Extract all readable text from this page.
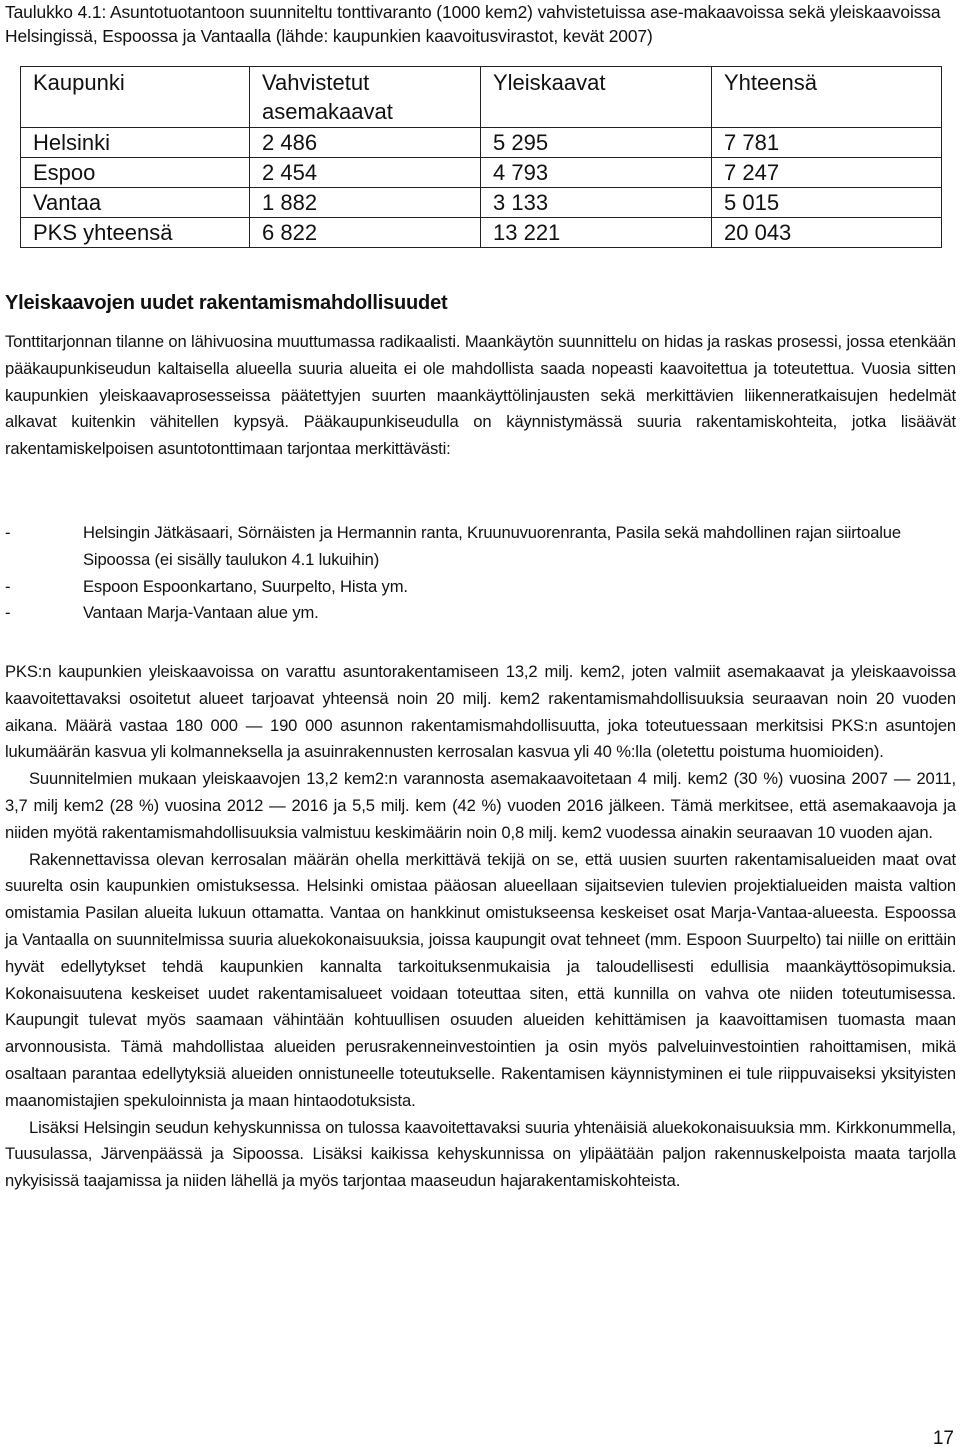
Taulukko 4.1: Asuntotuotantoon suunniteltu tonttivaranto (1000 kem2) vahvistetuissa ase-makaavoissa sekä yleiskaavoissa Helsingissä, Espoossa ja Vantaalla (lähde: kaupunkien kaavoitusvirastot, kevät 2007)
Kaupunki	Vahvistetut asemakaavat	Yleiskaavat	Yhteensä
Helsinki	2 486	5 295	7 781
Espoo	2 454	4 793	7 247
Vantaa	1 882	3 133	5 015
PKS yhteensä	6 822	13 221	20 043
Yleiskaavojen uudet rakentamismahdollisuudet
Tonttitarjonnan tilanne on lähivuosina muuttumassa radikaalisti. Maankäytön suunnittelu on hidas ja raskas prosessi, jossa etenkään pääkaupunkiseudun kaltaisella alueella suuria alueita ei ole mahdollista saada nopeasti kaavoitettua ja toteutettua. Vuosia sitten kaupunkien yleiskaavaprosesseissa päätettyjen suurten maankäyttölinjausten sekä merkittävien liikenneratkaisujen hedelmät alkavat kuitenkin vähitellen kypsyä. Pääkaupunkiseudulla on käynnistymässä suuria rakentamiskohteita, jotka lisäävät rakentamiskelpoisen asuntotonttimaan tarjontaa merkittävästi:
-	Helsingin Jätkäsaari, Sörnäisten ja Hermannin ranta, Kruunuvuorenranta, Pasila sekä mahdollinen rajan siirtoalue Sipoossa (ei sisälly taulukon 4.1 lukuihin)
-	Espoon Espoonkartano, Suurpelto, Hista ym.
-	Vantaan Marja-Vantaan alue ym.
PKS:n kaupunkien yleiskaavoissa on varattu asuntorakentamiseen 13,2 milj. kem2, joten valmiit asemakaavat ja yleiskaavoissa kaavoitettavaksi osoitetut alueet tarjoavat yhteensä noin 20 milj. kem2 rakentamismahdollisuuksia seuraavan noin 20 vuoden aikana. Määrä vastaa 180 000 — 190 000 asunnon rakentamismahdollisuutta, joka toteutuessaan merkitsisi PKS:n asuntojen lukumäärän kasvua yli kolmanneksella ja asuinrakennusten kerrosalan kasvua yli 40 %:lla (oletettu poistuma huomioiden).
Suunnitelmien mukaan yleiskaavojen 13,2 kem2:n varannosta asemakaavoitetaan 4 milj. kem2 (30 %) vuosina 2007 — 2011, 3,7 milj kem2 (28 %) vuosina 2012 — 2016 ja 5,5 milj. kem (42 %) vuoden 2016 jälkeen. Tämä merkitsee, että asemakaavoja ja niiden myötä rakentamismahdollisuuksia valmistuu keskimäärin noin 0,8 milj. kem2 vuodessa ainakin seuraavan 10 vuoden ajan.
Rakennettavissa olevan kerrosalan määrän ohella merkittävä tekijä on se, että uusien suurten rakentamisalueiden maat ovat suurelta osin kaupunkien omistuksessa. Helsinki omistaa pääosan alueellaan sijaitsevien tulevien projektialueiden maista valtion omistamia Pasilan alueita lukuun ottamatta. Vantaa on hankkinut omistukseensa keskeiset osat Marja-Vantaa-alueesta. Espoossa ja Vantaalla on suunnitelmissa suuria aluekokonaisuuksia, joissa kaupungit ovat tehneet (mm. Espoon Suurpelto) tai niille on erittäin hyvät edellytykset tehdä kaupunkien kannalta tarkoituksenmukaisia ja taloudellisesti edullisia maankäyttösopimuksia. Kokonaisuutena keskeiset uudet rakentamisalueet voidaan toteuttaa siten, että kunnilla on vahva ote niiden toteutumisessa. Kaupungit tulevat myös saamaan vähintään kohtuullisen osuuden alueiden kehittämisen ja kaavoittamisen tuomasta maan arvonnousista. Tämä mahdollistaa alueiden perusrakenneinvestointien ja osin myös palveluinvestointien rahoittamisen, mikä osaltaan parantaa edellytyksiä alueiden onnistuneelle toteutukselle. Rakentamisen käynnistyminen ei tule riippuvaiseksi yksityisten maanomistajien spekuloinnista ja maan hintaodotuksista.
Lisäksi Helsingin seudun kehyskunnissa on tulossa kaavoitettavaksi suuria yhtenäisiä aluekokonaisuuksia mm. Kirkkonummella, Tuusulassa, Järvenpäässä ja Sipoossa. Lisäksi kaikissa kehyskunnissa on ylipäätään paljon rakennuskelpoista maata tarjolla nykyisissä taajamissa ja niiden lähellä ja myös tarjontaa maaseudun hajarakentamiskohteista.
17
